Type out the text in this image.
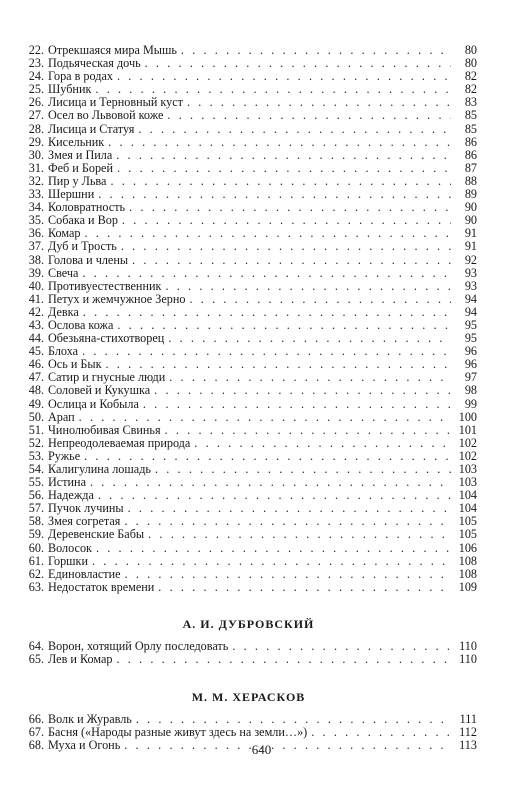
22. Отрекшаяся мира Мышь . . .	80
23. Подьяческая дочь . . .	80
24. Гора в родах . . .	82
25. Шубник . . .	82
26. Лисица и Терновный куст . . .	83
27. Осел во Львовой коже . . .	85
28. Лисица и Статуя . . .	85
29. Кисельник . . .	86
30. Змея и Пила . . .	86
31. Феб и Борей . . .	87
32. Пир у Льва . . .	88
33. Шершни . . .	89
34. Коловратность . . .	90
35. Собака и Вор . . .	90
36. Комар . . .	91
37. Дуб и Трость . . .	91
38. Голова и члены . . .	92
39. Свеча . . .	93
40. Противуестественник . . .	93
41. Петух и жемчужное Зерно . . .	94
42. Девка . . .	94
43. Ослова кожа . . .	95
44. Обезьяна-стихотворец . . .	95
45. Блоха . . .	96
46. Ось и Бык . . .	96
47. Сатир и гнусные люди . . .	97
48. Соловей и Кукушка . . .	98
49. Ослица и Кобыла . . .	99
50. Арап . . .	100
51. Чинолюбивая Свинья . . .	101
52. Непреодолеваемая природа . . .	102
53. Ружье . . .	102
54. Калигулина лошадь . . .	103
55. Истина . . .	103
56. Надежда . . .	104
57. Пучок лучины . . .	104
58. Змея согретая . . .	105
59. Деревенские Бабы . . .	105
60. Волосок . . .	106
61. Горшки . . .	108
62. Единовластие . . .	108
63. Недостаток времени . . .	109
А. И. ДУБРОВСКИЙ
64. Ворон, хотящий Орлу последовать . . .	110
65. Лев и Комар . . .	110
М. М. ХЕРАСКОВ
66. Волк и Журавль . . .	111
67. Басня («Народы разные живут здесь на земли…») . . .	112
68. Муха и Огонь . . .	113
640
